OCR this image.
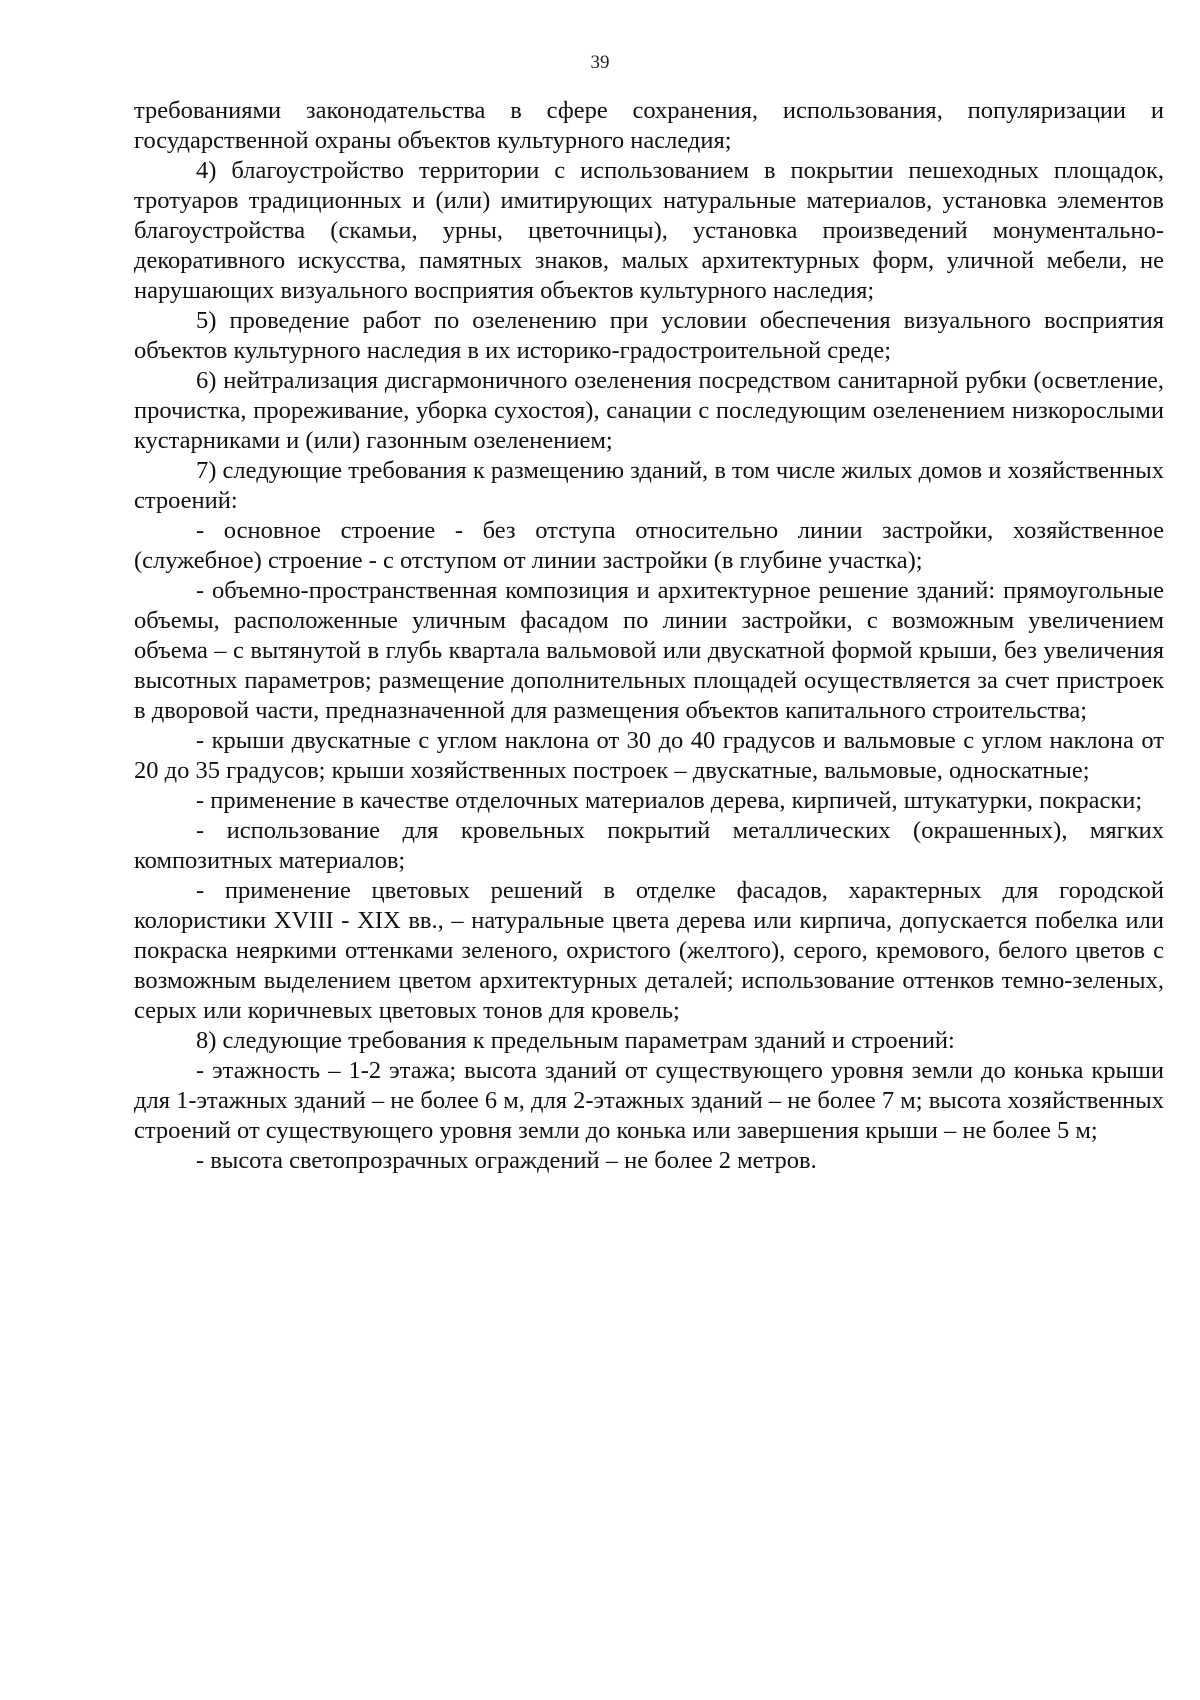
39

требованиями законодательства в сфере сохранения, использования, популяризации и государственной охраны объектов культурного наследия;

4) благоустройство территории с использованием в покрытии пешеходных площадок, тротуаров традиционных и (или) имитирующих натуральные материалов, установка элементов благоустройства (скамьи, урны, цветочницы), установка произведений монументально-декоративного искусства, памятных знаков, малых архитектурных форм, уличной мебели, не нарушающих визуального восприятия объектов культурного наследия;

5) проведение работ по озеленению при условии обеспечения визуального восприятия объектов культурного наследия в их историко-градостроительной среде;

6) нейтрализация дисгармоничного озеленения посредством санитарной рубки (осветление, прочистка, прореживание, уборка сухостоя), санации с последующим озеленением низкорослыми кустарниками и (или) газонным озеленением;

7) следующие требования к размещению зданий, в том числе жилых домов и хозяйственных строений:

- основное строение - без отступа относительно линии застройки, хозяйственное (служебное) строение - с отступом от линии застройки (в глубине участка);

- объемно-пространственная композиция и архитектурное решение зданий: прямоугольные объемы, расположенные уличным фасадом по линии застройки, с возможным увеличением объема – с вытянутой в глубь квартала вальмовой или двускатной формой крыши, без увеличения высотных параметров; размещение дополнительных площадей осуществляется за счет пристроек в дворовой части, предназначенной для размещения объектов капитального строительства;

- крыши двускатные с углом наклона от 30 до 40 градусов и вальмовые с углом наклона от 20 до 35 градусов; крыши хозяйственных построек – двускатные, вальмовые, односкатные;

- применение в качестве отделочных материалов дерева, кирпичей, штукатурки, покраски;

- использование для кровельных покрытий металлических (окрашенных), мягких композитных материалов;

- применение цветовых решений в отделке фасадов, характерных для городской колористики XVIII - XIX вв., – натуральные цвета дерева или кирпича, допускается побелка или покраска неяркими оттенками зеленого, охристого (желтого), серого, кремового, белого цветов с возможным выделением цветом архитектурных деталей; использование оттенков темно-зеленых, серых или коричневых цветовых тонов для кровель;

8) следующие требования к предельным параметрам зданий и строений:

- этажность – 1-2 этажа; высота зданий от существующего уровня земли до конька крыши для 1-этажных зданий – не более 6 м, для 2-этажных зданий – не более 7 м; высота хозяйственных строений от существующего уровня земли до конька или завершения крыши – не более 5 м;

- высота светопрозрачных ограждений – не более 2 метров.
